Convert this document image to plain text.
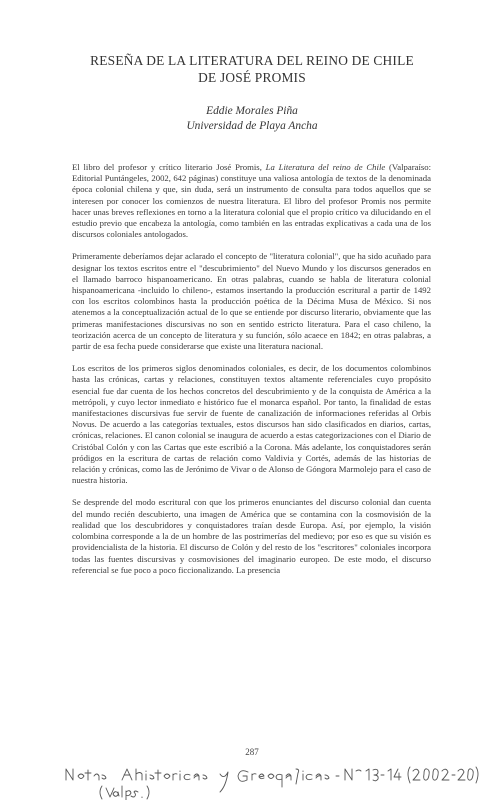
RESEÑA DE LA LITERATURA DEL REINO DE CHILE
DE JOSÉ PROMIS
Eddie Morales Piña
Universidad de Playa Ancha

El libro del profesor y crítico literario José Promis, La Literatura del reino de Chile (Valparaíso: Editorial Puntángeles, 2002, 642 páginas) constituye una valiosa antología de textos de la denominada época colonial chilena y que, sin duda, será un instrumento de consulta para todos aquellos que se interesen por conocer los comienzos de nuestra literatura. El libro del profesor Promis nos permite hacer unas breves reflexiones en torno a la literatura colonial que el propio crítico va dilucidando en el estudio previo que encabeza la antología, como también en las entradas explicativas a cada una de los discursos coloniales antologados.

Primeramente deberíamos dejar aclarado el concepto de "literatura colonial", que ha sido acuñado para designar los textos escritos entre el "descubrimiento" del Nuevo Mundo y los discursos generados en el llamado barroco hispanoamericano. En otras palabras, cuando se habla de literatura colonial hispanoamericana -incluido lo chileno-, estamos insertando la producción escritural a partir de 1492 con los escritos colombinos hasta la producción poética de la Décima Musa de México. Si nos atenemos a la conceptualización actual de lo que se entiende por discurso literario, obviamente que las primeras manifestaciones discursivas no son en sentido estricto literatura. Para el caso chileno, la teorización acerca de un concepto de literatura y su función, sólo acaece en 1842; en otras palabras, a partir de esa fecha puede considerarse que existe una literatura nacional.

Los escritos de los primeros siglos denominados coloniales, es decir, de los documentos colombinos hasta las crónicas, cartas y relaciones, constituyen textos altamente referenciales cuyo propósito esencial fue dar cuenta de los hechos concretos del descubrimiento y de la conquista de América a la metrópoli, y cuyo lector inmediato e histórico fue el monarca español. Por tanto, la finalidad de estas manifestaciones discursivas fue servir de fuente de canalización de informaciones referidas al Orbis Novus. De acuerdo a las categorías textuales, estos discursos han sido clasificados en diarios, cartas, crónicas, relaciones. El canon colonial se inaugura de acuerdo a estas categorizaciones con el Diario de Cristóbal Colón y con las Cartas que este escribió a la Corona. Más adelante, los conquistadores serán pródigos en la escritura de cartas de relación como Valdivia y Cortés, además de las historias de relación y crónicas, como las de Jerónimo de Vivar o de Alonso de Góngora Marmolejo para el caso de nuestra historia.

Se desprende del modo escritural con que los primeros enunciantes del discurso colonial dan cuenta del mundo recién descubierto, una imagen de América que se contamina con la cosmovisión de la realidad que los descubridores y conquistadores traían desde Europa. Así, por ejemplo, la visión colombina corresponde a la de un hombre de las postrimerías del medievo; por eso es que su visión es providencialista de la historia. El discurso de Colón y del resto de los "escritores" coloniales incorpora todas las fuentes discursivas y cosmovisiones del imaginario europeo. De este modo, el discurso referencial se fue poco a poco ficcionalizando. La presencia

287
